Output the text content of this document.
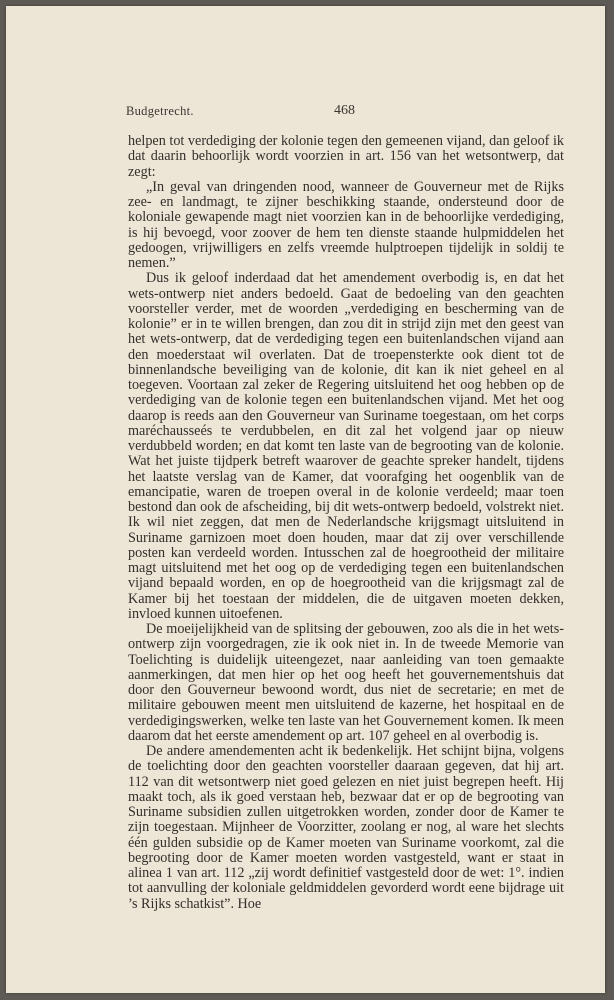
Budgetrecht.	468

helpen tot verdediging der kolonie tegen den gemeenen vijand, dan geloof ik dat daarin behoorlijk wordt voorzien in art. 156 van het wetsontwerp, dat zegt:

„In geval van dringenden nood, wanneer de Gouverneur met de Rijks zee- en landmagt, te zijner beschikking staande, ondersteund door de koloniale gewapende magt niet voorzien kan in de behoorlijke verdediging, is hij bevoegd, voor zoover de hem ten dienste staande hulpmiddelen het gedoogen, vrijwilligers en zelfs vreemde hulptroepen tijdelijk in soldij te nemen.”

Dus ik geloof inderdaad dat het amendement overbodig is, en dat het wets-ontwerp niet anders bedoeld. Gaat de bedoeling van den geachten voorsteller verder, met de woorden „verdediging en bescherming van de kolonie” er in te willen brengen, dan zou dit in strijd zijn met den geest van het wets-ontwerp, dat de verdediging tegen een buitenlandschen vijand aan den moederstaat wil overlaten. Dat de troepensterkte ook dient tot de binnenlandsche beveiliging van de kolonie, dit kan ik niet geheel en al toegeven. Voortaan zal zeker de Regering uitsluitend het oog hebben op de verdediging van de kolonie tegen een buitenlandschen vijand. Met het oog daarop is reeds aan den Gouverneur van Suriname toegestaan, om het corps maréchausseés te verdubbelen, en dit zal het volgend jaar op nieuw verdubbeld worden; en dat komt ten laste van de begrooting van de kolonie. Wat het juiste tijdperk betreft waarover de geachte spreker handelt, tijdens het laatste verslag van de Kamer, dat voorafging het oogenblik van de emancipatie, waren de troepen overal in de kolonie verdeeld; maar toen bestond dan ook de afscheiding, bij dit wets-ontwerp bedoeld, volstrekt niet. Ik wil niet zeggen, dat men de Nederlandsche krijgsmagt uitsluitend in Suriname garnizoen moet doen houden, maar dat zij over verschillende posten kan verdeeld worden. Intusschen zal de hoegrootheid der militaire magt uitsluitend met het oog op de verdediging tegen een buitenlandschen vijand bepaald worden, en op de hoegrootheid van die krijgsmagt zal de Kamer bij het toestaan der middelen, die de uitgaven moeten dekken, invloed kunnen uitoefenen.

De moeijelijkheid van de splitsing der gebouwen, zoo als die in het wets-ontwerp zijn voorgedragen, zie ik ook niet in. In de tweede Memorie van Toelichting is duidelijk uiteengezet, naar aanleiding van toen gemaakte aanmerkingen, dat men hier op het oog heeft het gouvernementshuis dat door den Gouverneur bewoond wordt, dus niet de secretarie; en met de militaire gebouwen meent men uitsluitend de kazerne, het hospitaal en de verdedigingswerken, welke ten laste van het Gouvernement komen. Ik meen daarom dat het eerste amendement op art. 107 geheel en al overbodig is.

De andere amendementen acht ik bedenkelijk. Het schijnt bijna, volgens de toelichting door den geachten voorsteller daaraan gegeven, dat hij art. 112 van dit wetsontwerp niet goed gelezen en niet juist begrepen heeft. Hij maakt toch, als ik goed verstaan heb, bezwaar dat er op de begrooting van Suriname subsidien zullen uitgetrokken worden, zonder door de Kamer te zijn toegestaan. Mijnheer de Voorzitter, zoolang er nog, al ware het slechts één gulden subsidie op de Kamer moeten van Suriname voorkomt, zal die begrooting door de Kamer moeten worden vastgesteld, want er staat in alinea 1 van art. 112 „zij wordt definitief vastgesteld door de wet: 1°. indien tot aanvulling der koloniale geldmiddelen gevorderd wordt eene bijdrage uit ’s Rijks schatkist”. Hoe
